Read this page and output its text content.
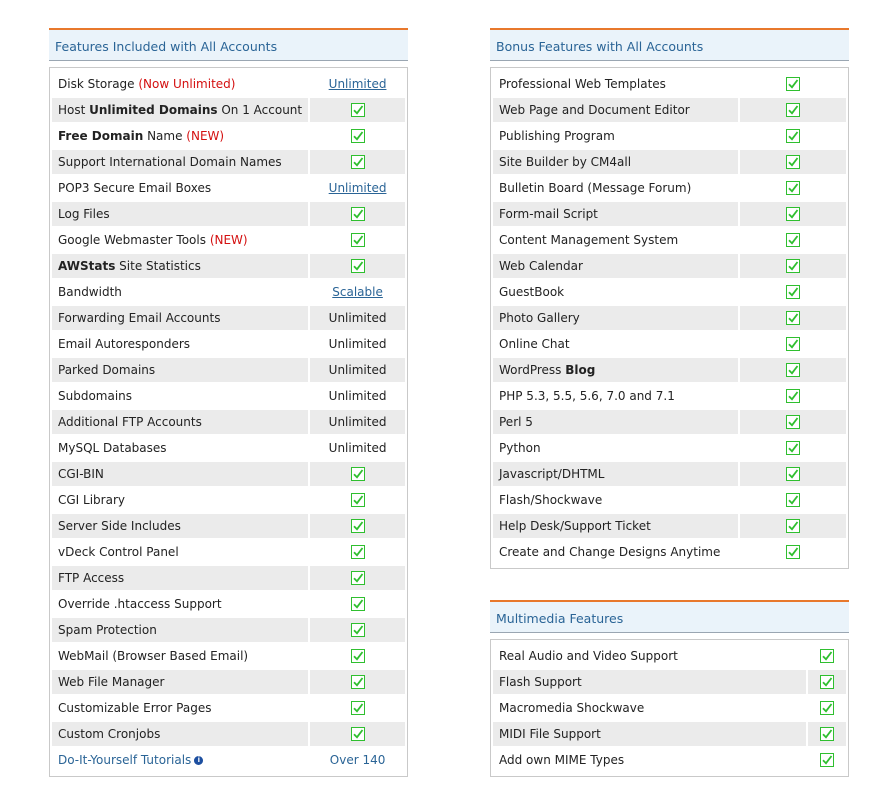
Features Included with All Accounts
Disk Storage (Now Unlimited)	Unlimited
Host Unlimited Domains On 1 Account	
Free Domain Name (NEW)	
Support International Domain Names	
POP3 Secure Email Boxes	Unlimited
Log Files	
Google Webmaster Tools (NEW)	
AWStats Site Statistics	
Bandwidth	Scalable
Forwarding Email Accounts	Unlimited
Email Autoresponders	Unlimited
Parked Domains	Unlimited
Subdomains	Unlimited
Additional FTP Accounts	Unlimited
MySQL Databases	Unlimited
CGI-BIN	
CGI Library	
Server Side Includes	
vDeck Control Panel	
FTP Access	
Override .htaccess Support	
Spam Protection	
WebMail (Browser Based Email)	
Web File Manager	
Customizable Error Pages	
Custom Cronjobs	
Do-It-Yourself Tutorials i	Over 140
Bonus Features with All Accounts
Professional Web Templates	
Web Page and Document Editor	
Publishing Program	
Site Builder by CM4all	
Bulletin Board (Message Forum)	
Form-mail Script	
Content Management System	
Web Calendar	
GuestBook	
Photo Gallery	
Online Chat	
WordPress Blog	
PHP 5.3, 5.5, 5.6, 7.0 and 7.1	
Perl 5	
Python	
Javascript/DHTML	
Flash/Shockwave	
Help Desk/Support Ticket	
Create and Change Designs Anytime	
Multimedia Features
Real Audio and Video Support	
Flash Support	
Macromedia Shockwave	
MIDI File Support	
Add own MIME Types	
